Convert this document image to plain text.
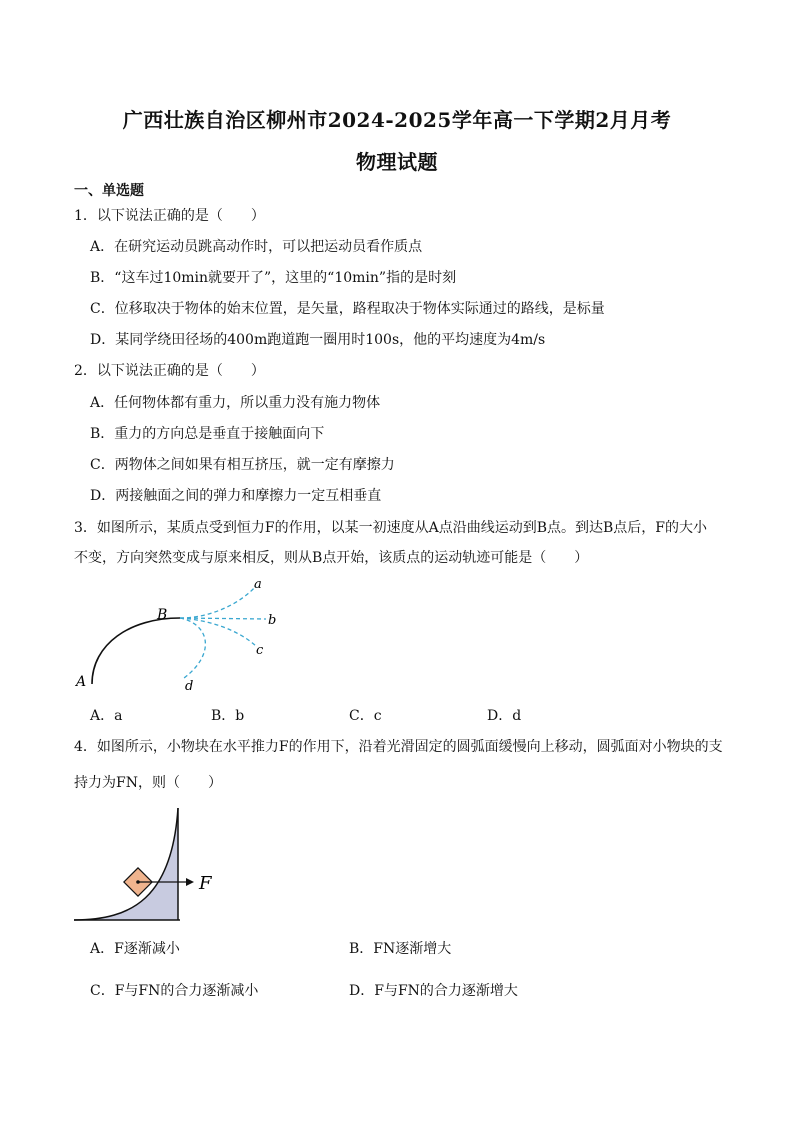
广西壮族自治区柳州市2024-2025学年高一下学期2月月考
物理试题
一、单选题
1．以下说法正确的是（　　）
A．在研究运动员跳高动作时，可以把运动员看作质点
B．“这车过10min就要开了”，这里的“10min”指的是时刻
C．位移取决于物体的始末位置，是矢量，路程取决于物体实际通过的路线，是标量
D．某同学绕田径场的400m跑道跑一圈用时100s，他的平均速度为4m/s
2．以下说法正确的是（　　）
A．任何物体都有重力，所以重力没有施力物体
B．重力的方向总是垂直于接触面向下
C．两物体之间如果有相互挤压，就一定有摩擦力
D．两接触面之间的弹力和摩擦力一定互相垂直
3．如图所示，某质点受到恒力F的作用，以某一初速度从A点沿曲线运动到B点。到达B点后，F的大小
不变，方向突然变成与原来相反，则从B点开始，该质点的运动轨迹可能是（　　）
A
B
a
b
c
d
A．a	B．b	C．c	D．d
4．如图所示，小物块在水平推力F的作用下，沿着光滑固定的圆弧面缓慢向上移动，圆弧面对小物块的支
持力为FN，则（　　）
F
A．F逐渐减小	B．FN逐渐增大
C．F与FN的合力逐渐减小	D．F与FN的合力逐渐增大
